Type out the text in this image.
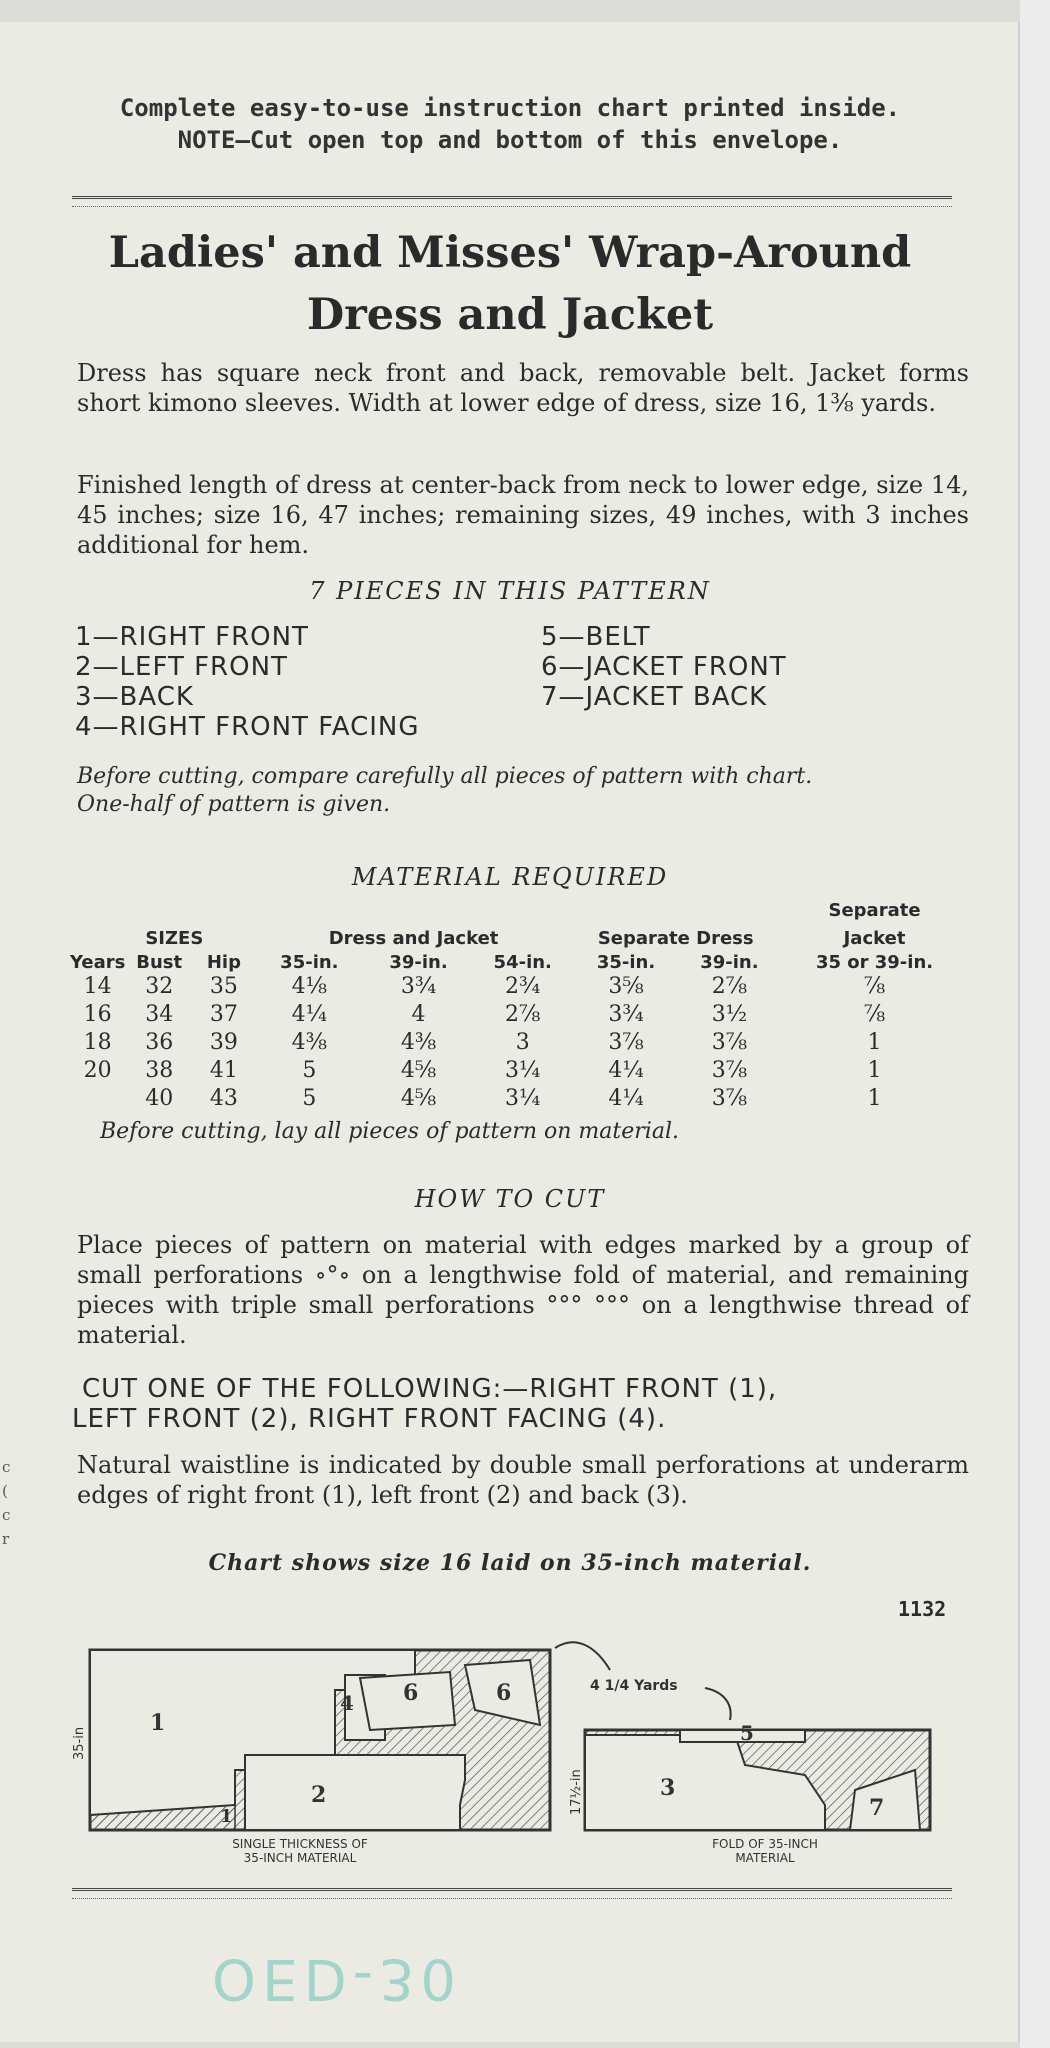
c
(
c
r
Complete easy-to-use instruction chart printed inside.
NOTE—Cut open top and bottom of this envelope.
Ladies' and Misses' Wrap-Around
Dress and Jacket
Dress has square neck front and back, removable belt. Jacket forms short kimono sleeves. Width at lower edge of dress, size 16, 1⅜ yards.
Finished length of dress at center-back from neck to lower edge, size 14, 45 inches; size 16, 47 inches; remaining sizes, 49 inches, with 3 inches additional for hem.
7 PIECES IN THIS PATTERN
1—RIGHT FRONT
2—LEFT FRONT
3—BACK
4—RIGHT FRONT FACING
5—BELT
6—JACKET FRONT
7—JACKET BACK
Before cutting, compare carefully all pieces of pattern with chart.
One-half of pattern is given.
MATERIAL REQUIRED
								Separate
	SIZES		Dress and Jacket			Separate Dress		Jacket
Years	Bust	Hip	35-in.	39-in.	54-in.	35-in.	39-in.	35 or 39-in.
14	32	35	4⅛	3¾	2¾	3⅝	2⅞	⅞
16	34	37	4¼	4	2⅞	3¾	3½	⅞
18	36	39	4⅜	4⅜	3	3⅞	3⅞	1
20	38	41	5	4⅝	3¼	4¼	3⅞	1
	40	43	5	4⅝	3¼	4¼	3⅞	1
Before cutting, lay all pieces of pattern on material.
HOW TO CUT
Place pieces of pattern on material with edges marked by a group of small perforations ∘°∘ on a lengthwise fold of material, and remaining pieces with triple small perforations °°° °°° on a lengthwise thread of material.
CUT ONE OF THE FOLLOWING:—RIGHT FRONT (1),
LEFT FRONT (2), RIGHT FRONT FACING (4).
Natural waistline is indicated by double small perforations at underarm edges of right front (1), left front (2) and back (3).
Chart shows size 16 laid on 35-inch material.
1132
1
2	3
4
5
6	6
7
1
35-in
17½-in
4 1/4 Yards
SINGLE THICKNESS OF
35-INCH MATERIAL
FOLD OF 35-INCH
MATERIAL
OED-30
